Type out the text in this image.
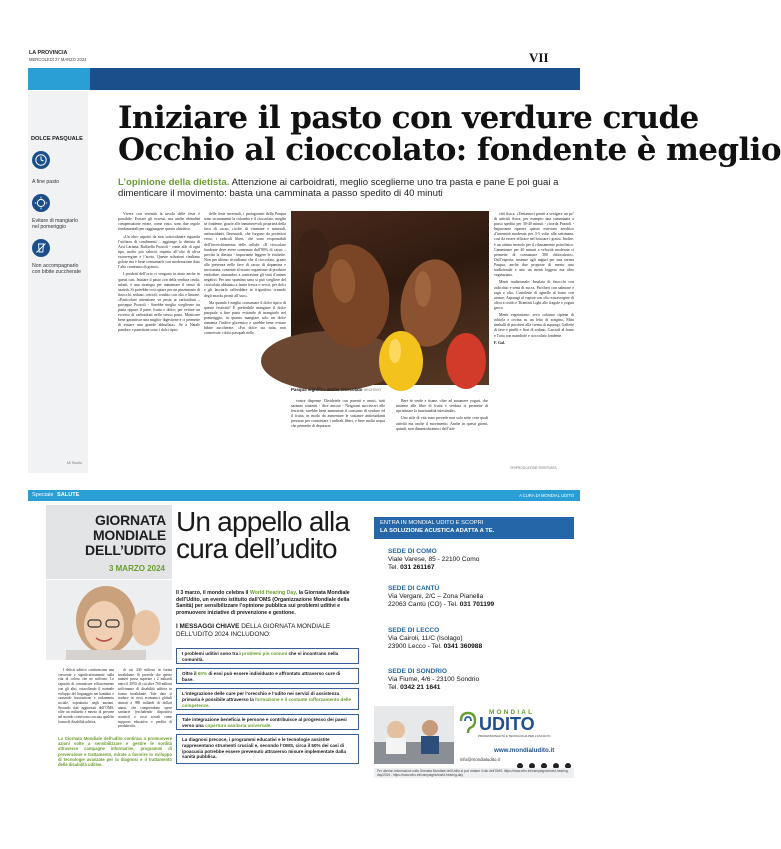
LA PROVINCIA
MERCOLEDÌ 27 MARZO 2024	VII
DOLCE PASQUALE
A fine pasto
Evitare di mangiarlo nel pomeriggio
Non accompagnarlo con bibite zuccherate
Mi Studio
Iniziare il pasto con verdure crude
Occhio al cioccolato: fondente è meglio
L’opinione della dietista. Attenzione ai carboidrati, meglio sceglierne uno tra pasta e pane E poi guai a dimenticare il movimento: basta una camminata a passo spedito di 40 minuti

Vivere con serenità la tavola delle feste è possibile. Evitare gli eccessi, ma anche abitudini compensatorie errate, come visto, sono due regole fondamentali per raggiungere questo obiettivo.

«Un altro aspetto da non sottovalutare riguarda l’utilizzo di condimenti – aggiunge la dietista di Asst Lariana, Raffaella Pozzoli - come alle di ogni tipo, molto più calorici rispetto all’olio di oliva extravergine e l’aceto. Queste soluzioni risultano golose ma è bene consumarle con moderazione dato l’alto contenuto di grassi».

I prodotti dell’orto ci vengono in aiuto anche in questi casi. Iniziare il pasto con della verdura cruda, infatti, è una strategia per aumentare il senso di sazietà. Si potrebbe così optare per un pinzimonio di finocchi, sedano, cetrioli, condito con olio e limone. «Particolare attenzione va posta ai carboidrati – prosegue Pozzoli - Sarebbe meglio sceglierne tra pasta oppure il pane, frutta o dolce; per evitare un eccesso di carboidrati nello stesso pasto. Masticare bene garantisce una miglior digestione e ci permette di evitare una grande abbuffata». Se a Natale pandoro e panettone sono i dolci tipici

delle feste invernali, i protagonisti della Pasqua sono sicuramente la colomba e il cioccolato, meglio se fondente, grazie alle innumerevoli proprietà della fava di cacao, ricche di vitamine e minerali, antiossidanti, flavonoidi, che forgono da protettori verso i radicali liberi, che sono responsabili dell’invecchiamento delle cellule. «Il cioccolato fondente deve avere contenuto dall’80% di cacao – precisa la dietista - importante leggere le etichette. Non per ultimo ricordiamo che il cioccolato, grazie alla presenza nelle fave di cacao di dopamina e serotonina, consente al nostro organismo di produrre endorfine, aiutandoci a contrastare gli stati d’animo negativi. Per uno spuntino sano si può scegliere del cioccolato abbinato a frutta fresca o secca, per dolci e gli lasciarlo raffreddare in frigorifero creando degli snacks pronti all’uso».

Ma quando è meglio consumare il dolce tipico di queste festività? È preferibile mangiare il dolce pasquale a fine pasto evitando di mangiarlo nel pomeriggio, in quanto mangiare solo un dolce aumenta l’indice glicemico e sarebbe bene evitare bibite zuccherate. «Fai dolce sia tutta, non conservate i dolci pasquali nelle

Pasqua significa anche cioccolato ARCHIVIO

vostre dispense. Dividetele con parenti e amici, tutti saranno contenti - dice ancora - Neigiorni successivi alle festività, sarebbe bene aumentare il consumo di verdure ed il frutta, in modo da aumentare le sostanze antiossidanti preziose per contrastare i radicali liberi, e bere molta acqua che permette di depurarsi.

Bere tè verde e tisane, oltre ad assumere yogurt, che insieme alle fibre di frutta e verdura ci permette di ripristinare la funzionalità intestinale».

Uno stile di vita sano prevede non solo sette cose quali attività ma anche il movimento. Anche in questi giorni, quindi, non dimentichiamoci dell’atti-

vità fisica. «Teniamoci pronti a svolgere un po’ di attività fisica, per esempio una camminata a passo spedito per 30-40 minuti - ricorda Pozzoli - Importante ripetere questo esercizio aerobico d’intensità moderata per 3-5 volte alla settimana, così da essere efficace nel bruciare i grassi. Inoltre, è un ottimo metodo per il rilassamento psicofisico. Camminare per 40 minuti a velocità moderata ci permette di consumare 300 chilocalorie». Dall’esperta, insieme agli auguri per una serena Pasqua, anche due proposte di menu: uno tradizionale e uno un menù leggero ma altro vegetariano.

Menù tradizionale: Insalata di finocchi con radicchio e semi di zucca, Paccheri con salmone e ragù e olio, Costolette di agnello al forno con arance, Asparagi al vapore con olio extravergine di oliva a crudo e Tiramisù Light alle fragole e yogurt greco.

Menù vegetariano: sevo colonne ripiene di robiola e cecina su un letto di songino, Mini timballi di paccheri alla crema di asparagi, Gallette di fave e piselli e fiori di sedano, Carciofi al forno e Torta con mandorle e cioccolato fondente.

F. Gal.
©RIPRODUZIONE RISERVATA
Speciale SALUTE	A CURA DI MONDIAL UDITO
GIORNATA MONDIALE DELL’UDITO
3 MARZO 2024
Un appello alla cura dell’udito
Il 3 marzo, il mondo celebra il World Hearing Day, la Giornata Mondiale dell’Udito, un evento istituito dall’OMS (Organizzazione Mondiale della Sanità) per sensibilizzare l’opinione pubblica sui problemi uditivi e promuovere iniziative di prevenzione e gestione.
I MESSAGGI CHIAVE DELLA GIORNATA MONDIALE DELL’UDITO 2024 INCLUDONO:
I problemi uditivi sono tra i problemi più comuni che si incontrano nella comunità.
Oltre il 60% di essi può essere individuato e affrontato attraverso cure di base.
L’integrazione delle cure per l’orecchio e l’udito nei servizi di assistenza primaria è possibile attraverso la formazione e il costante rafforzamento delle competenze.
Tale integrazione beneficia le persone e contribuisce al progresso dei paesi verso una copertura sanitaria universale.
La diagnosi precoce, i programmi educativi e le tecnologie assistite rappresentano strumenti cruciali e, secondo l’OMS, circa il 50% dei casi di ipoacusia potrebbe essere prevenuto attraverso misure implementate dalla sanità pubblica.

I deficit uditivo costituiscono una crescente e significativamente sulla vita di coloro che ne soffrono. Le capacità di comunicare efficacemente con gli altri, ostacolando il normale sviluppo del linguaggio nei bambini e causando frustrazione e isolamento sociale, soprattutto negli anziani. Secondo dati aggiornati dell’OMS, oltre un miliardo e mezzo di persone nel mondo convivono con una qualche forma di disabilità uditiva,

di cui 430 milioni in forma invalidante. Si prevede che queste numeri possa superare i 2 miliardi entro il 2050, di cui oltre 700 milioni soffriranno di disabilità uditiva in forma invalidante. Tale dato si traduce in costi economici globali stimati a 980 miliardi di dollari annui, che comprendono spese sanitarie (escludendo dispositivi acustici) e costi sociali come supporto educativo e perdita di produttività.

La Giornata Mondiale dell’udito continua a promuovere azioni volte a sensibilizzare e gestire le sordità attraverso campagne informative, programmi di prevenzione e trattamento, mirate a favorire lo sviluppo di tecnologie avanzate per la diagnosi e il trattamento delle disabilità uditive.
ENTRA IN MONDIAL UDITO E SCOPRI
LA SOLUZIONE ACUSTICA ADATTA A TE.
SEDE DI COMO
Viale Varese, 85 - 22100 Como
Tel. 031 261167
SEDE DI CANTÙ
Via Vergani, 2/C – Zona Pianella
22063 Cantù (CO) - Tel. 031 701199
SEDE DI LECCO
Via Cairoli, 11/C (Isolago)
23900 Lecco - Tel. 0341 360988
SEDE DI SONDRIO
Via Fiume, 4/6 - 23100 Sondrio
Tel. 0342 21 1641
MONDIAL
UDITO
PROFESSIONALITÀ E TECNOLOGIA PER L’ASCOLTO
www.mondialudito.it
info@mondialudito.it

Per ulteriori informazioni sulla Giornata Mondiale dell’Udito si può visitare il sito dell’OMS: https://www.who.int/campaigns/world-hearing-day/2024 - https://www.who.int/campaigns/world-hearing-day
